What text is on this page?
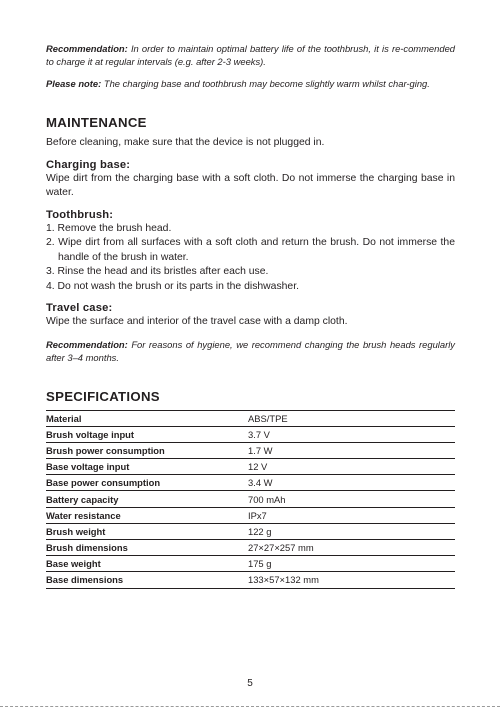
Recommendation: In order to maintain optimal battery life of the toothbrush, it is re-commended to charge it at regular intervals (e.g. after 2-3 weeks).

Please note: The charging base and toothbrush may become slightly warm whilst char-ging.

MAINTENANCE

Before cleaning, make sure that the device is not plugged in.

Charging base:

Wipe dirt from the charging base with a soft cloth. Do not immerse the charging base in water.

Toothbrush:
1. Remove the brush head.
2. Wipe dirt from all surfaces with a soft cloth and return the brush. Do not immerse the handle of the brush in water.
3. Rinse the head and its bristles after each use.
4. Do not wash the brush or its parts in the dishwasher.
Travel case:

Wipe the surface and interior of the travel case with a damp cloth.

Recommendation: For reasons of hygiene, we recommend changing the brush heads regularly after 3–4 months.

SPECIFICATIONS
Material	ABS/TPE
Brush voltage input	3.7 V
Brush power consumption	1.7 W
Base voltage input	12 V
Base power consumption	3.4 W
Battery capacity	700 mAh
Water resistance	IPx7
Brush weight	122 g
Brush dimensions	27×27×257 mm
Base weight	175 g
Base dimensions	133×57×132 mm
5
